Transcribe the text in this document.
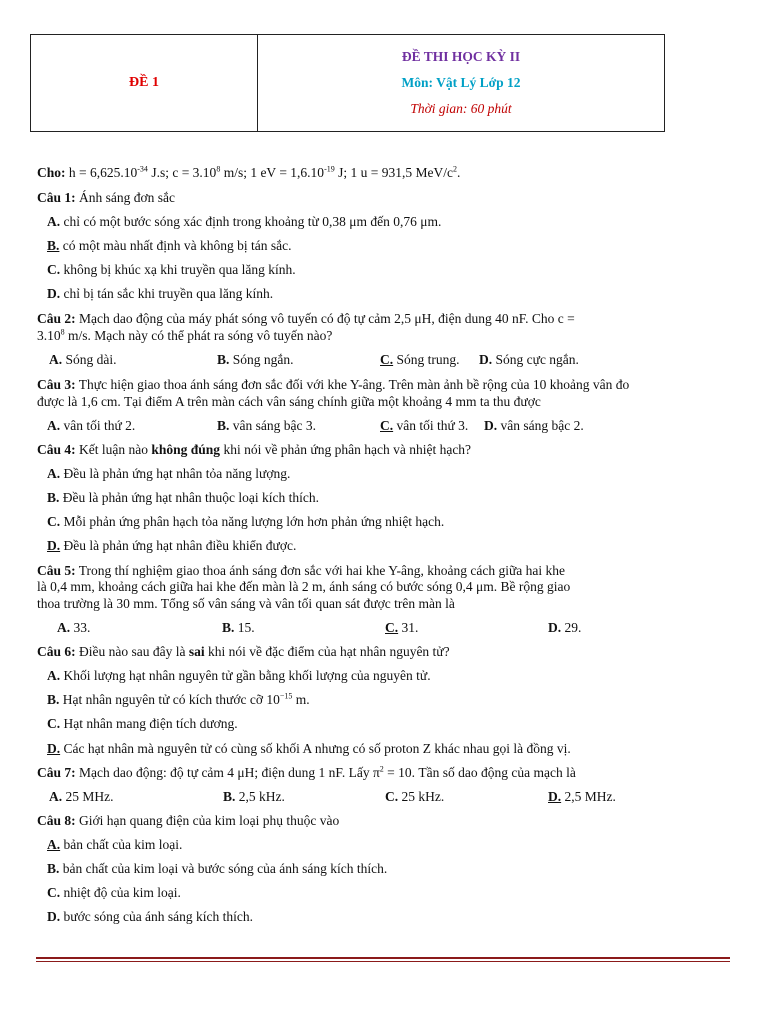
ĐỀ 1
ĐỀ THI HỌC KỲ II
Môn: Vật Lý Lớp 12
Thời gian: 60 phút
Cho: $h = 6,625.10^{-34}$ J.s; $c = 3.10^8$ m/s; 1 eV = $1,6.10^{-19}$ J; 1 u = 931,5 MeV/$c^2$.
Câu 1: Ánh sáng đơn sắc
A. chỉ có một bước sóng xác định trong khoảng từ 0,38 μm đến 0,76 μm.
B. có một màu nhất định và không bị tán sắc.
C. không bị khúc xạ khi truyền qua lăng kính.
D. chỉ bị tán sắc khi truyền qua lăng kính.
Câu 2: Mạch dao động của máy phát sóng vô tuyến có độ tự cảm 2,5 μH, điện dung 40 nF. Cho c =
$3.10^8$ m/s. Mạch này có thể phát ra sóng vô tuyến nào?
A. Sóng dài.	B. Sóng ngắn.	C. Sóng trung. D. Sóng cực ngắn.
Câu 3: Thực hiện giao thoa ánh sáng đơn sắc đối với khe Y-âng. Trên màn ảnh bề rộng của 10 khoảng vân đo
được là 1,6 cm. Tại điểm A trên màn cách vân sáng chính giữa một khoảng 4 mm ta thu được
A. vân tối thứ 2.	B. vân sáng bậc 3.	C. vân tối thứ 3. D. vân sáng bậc 2.
Câu 4: Kết luận nào không đúng khi nói về phản ứng phân hạch và nhiệt hạch?
A. Đều là phản ứng hạt nhân tỏa năng lượng.
B. Đều là phản ứng hạt nhân thuộc loại kích thích.
C. Mỗi phản ứng phân hạch tỏa năng lượng lớn hơn phản ứng nhiệt hạch.
D. Đều là phản ứng hạt nhân điều khiển được.
Câu 5: Trong thí nghiệm giao thoa ánh sáng đơn sắc với hai khe Y-âng, khoảng cách giữa hai khe
là 0,4 mm, khoảng cách giữa hai khe đến màn là 2 m, ánh sáng có bước sóng 0,4 μm. Bề rộng giao
thoa trường là 30 mm. Tổng số vân sáng và vân tối quan sát được trên màn là
A. 33.	B. 15.	C. 31.	D. 29.
Câu 6: Điều nào sau đây là sai khi nói về đặc điểm của hạt nhân nguyên tử?
A. Khối lượng hạt nhân nguyên tử gần bằng khối lượng của nguyên tử.
B. Hạt nhân nguyên tử có kích thước cỡ $10^{-15}$ m.
C. Hạt nhân mang điện tích dương.
D. Các hạt nhân mà nguyên tử có cùng số khối A nhưng có số proton Z khác nhau gọi là đồng vị.
Câu 7: Mạch dao động: độ tự cảm 4 μH; điện dung 1 nF. Lấy $\pi^2 = 10$. Tần số dao động của mạch là
A. 25 MHz.	B. 2,5 kHz.	C. 25 kHz.	D. 2,5 MHz.
Câu 8: Giới hạn quang điện của kim loại phụ thuộc vào
A. bản chất của kim loại.
B. bản chất của kim loại và bước sóng của ánh sáng kích thích.
C. nhiệt độ của kim loại.
D. bước sóng của ánh sáng kích thích.
